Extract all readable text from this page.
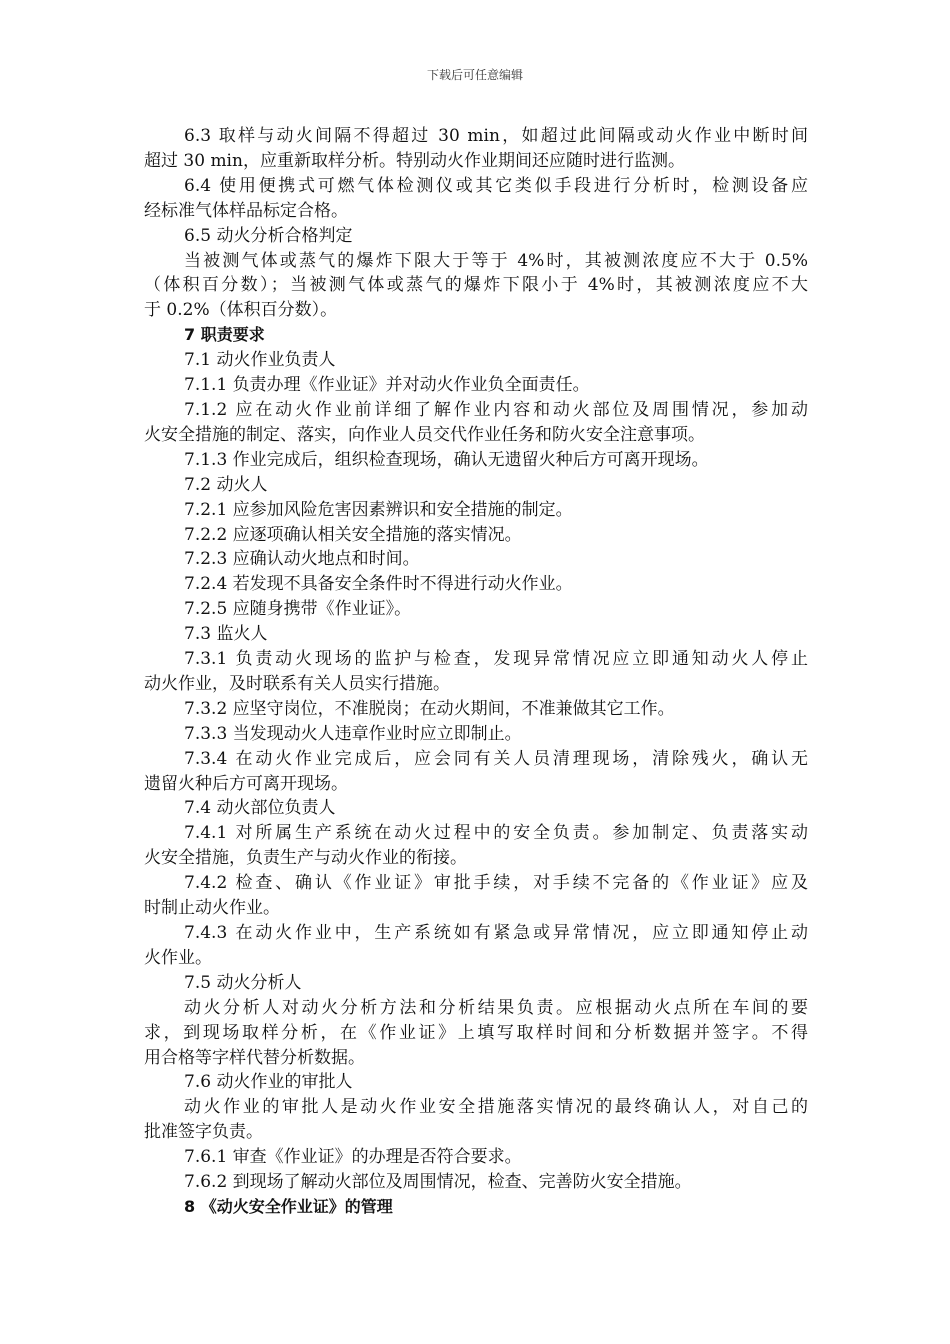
下载后可任意编辑
6.3 取样与动火间隔不得超过 30 min，如超过此间隔或动火作业中断时间
超过 30 min，应重新取样分析。特别动火作业期间还应随时进行监测。
6.4 使用便携式可燃气体检测仪或其它类似手段进行分析时，检测设备应
经标准气体样品标定合格。
6.5 动火分析合格判定
当被测气体或蒸气的爆炸下限大于等于 4%时，其被测浓度应不大于 0.5%
（体积百分数）；当被测气体或蒸气的爆炸下限小于 4%时，其被测浓度应不大
于 0.2%（体积百分数）。
7 职责要求
7.1 动火作业负责人
7.1.1 负责办理《作业证》并对动火作业负全面责任。
7.1.2 应在动火作业前详细了解作业内容和动火部位及周围情况，参加动
火安全措施的制定、落实，向作业人员交代作业任务和防火安全注意事项。
7.1.3 作业完成后，组织检查现场，确认无遗留火种后方可离开现场。
7.2 动火人
7.2.1 应参加风险危害因素辨识和安全措施的制定。
7.2.2 应逐项确认相关安全措施的落实情况。
7.2.3 应确认动火地点和时间。
7.2.4 若发现不具备安全条件时不得进行动火作业。
7.2.5 应随身携带《作业证》。
7.3 监火人
7.3.1 负责动火现场的监护与检查，发现异常情况应立即通知动火人停止
动火作业，及时联系有关人员实行措施。
7.3.2 应坚守岗位，不准脱岗；在动火期间，不准兼做其它工作。
7.3.3 当发现动火人违章作业时应立即制止。
7.3.4 在动火作业完成后，应会同有关人员清理现场，清除残火，确认无
遗留火种后方可离开现场。
7.4 动火部位负责人
7.4.1 对所属生产系统在动火过程中的安全负责。参加制定、负责落实动
火安全措施，负责生产与动火作业的衔接。
7.4.2 检查、确认《作业证》审批手续，对手续不完备的《作业证》应及
时制止动火作业。
7.4.3 在动火作业中，生产系统如有紧急或异常情况，应立即通知停止动
火作业。
7.5 动火分析人
动火分析人对动火分析方法和分析结果负责。应根据动火点所在车间的要
求，到现场取样分析，在《作业证》上填写取样时间和分析数据并签字。不得
用合格等字样代替分析数据。
7.6 动火作业的审批人
动火作业的审批人是动火作业安全措施落实情况的最终确认人，对自己的
批准签字负责。
7.6.1 审查《作业证》的办理是否符合要求。
7.6.2 到现场了解动火部位及周围情况，检查、完善防火安全措施。
8 《动火安全作业证》的管理
